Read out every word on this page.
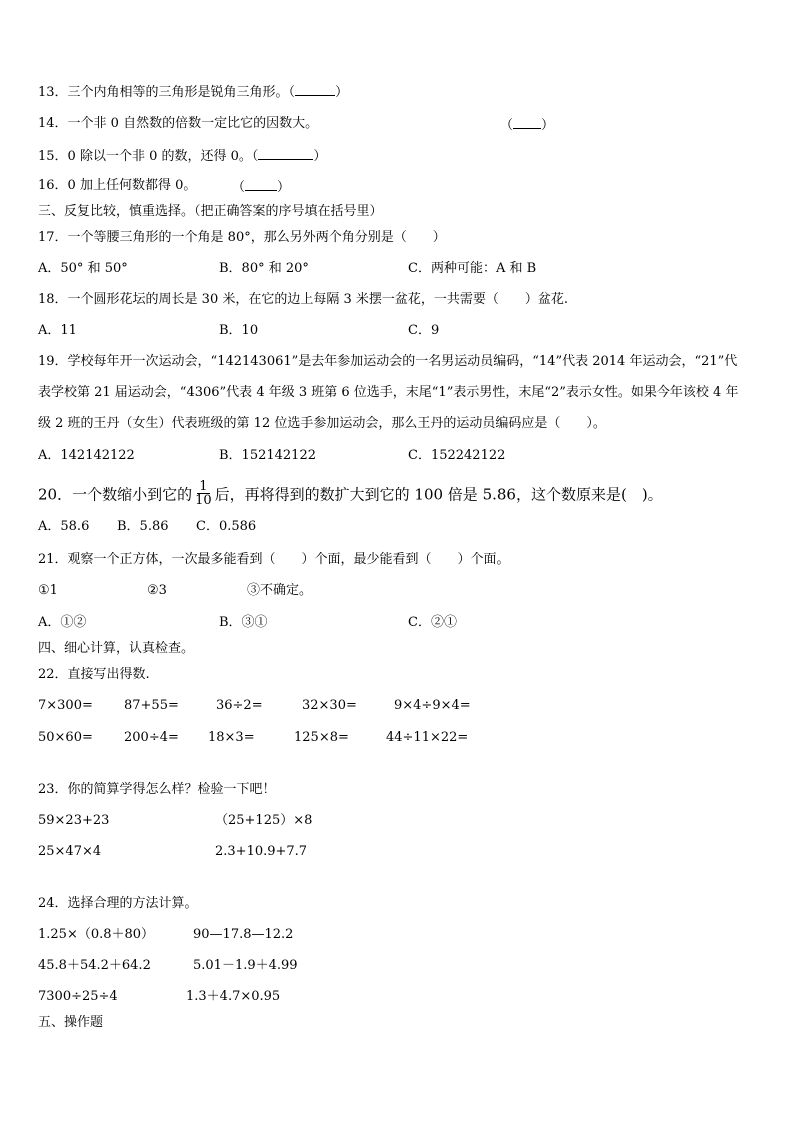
13．三个内角相等的三角形是锐角三角形。（	）
14．一个非 0 自然数的倍数一定比它的因数大。	（ ）
15．0 除以一个非 0 的数，还得 0。（	）
16．0 加上任何数都得 0。	（ ）
三、反复比较，慎重选择。（把正确答案的序号填在括号里）
17．一个等腰三角形的一个角是 80°，那么另外两个角分别是（　　）
A．50° 和 50°	B．80° 和 20°	C．两种可能：A 和 B
18．一个圆形花坛的周长是 30 米，在它的边上每隔 3 米摆一盆花，一共需要（　　）盆花.
A．11	B．10	C．9
19．学校每年开一次运动会，“142143061”是去年参加运动会的一名男运动员编码，“14”代表 2014 年运动会，“21”代
表学校第 21 届运动会，“4306”代表 4 年级 3 班第 6 位选手，末尾“1”表示男性，末尾“2”表示女性。如果今年该校 4 年
级 2 班的王丹（女生）代表班级的第 12 位选手参加运动会，那么王丹的运动员编码应是（　　）。
A．142142122	B．152142122	C．152242122
20．一个数缩小到它的 $\frac{1}{10}$ 后，再将得到的数扩大到它的 100 倍是 5.86，这个数原来是(　)。
A．58.6 B．5.86 C．0.586
21．观察一个正方体，一次最多能看到（　　）个面，最少能看到（　　）个面。
①1	②3	③不确定。
A．①②	B．③①	C．②①
四、细心计算，认真检查。
22．直接写出得数.
7×300= 87+55=	36÷2=	32×30=	9×4÷9×4=
50×60= 200÷4= 18×3=	125×8=	44÷11×22=
23．你的简算学得怎么样？检验一下吧！
59×23+23	（25+125）×8
25×47×4	2.3+10.9+7.7
24．选择合理的方法计算。
1.25×（0.8＋80）	90—17.8—12.2
45.8＋54.2＋64.2	5.01－1.9＋4.99
7300÷25÷4	1.3＋4.7×0.95
五、操作题
